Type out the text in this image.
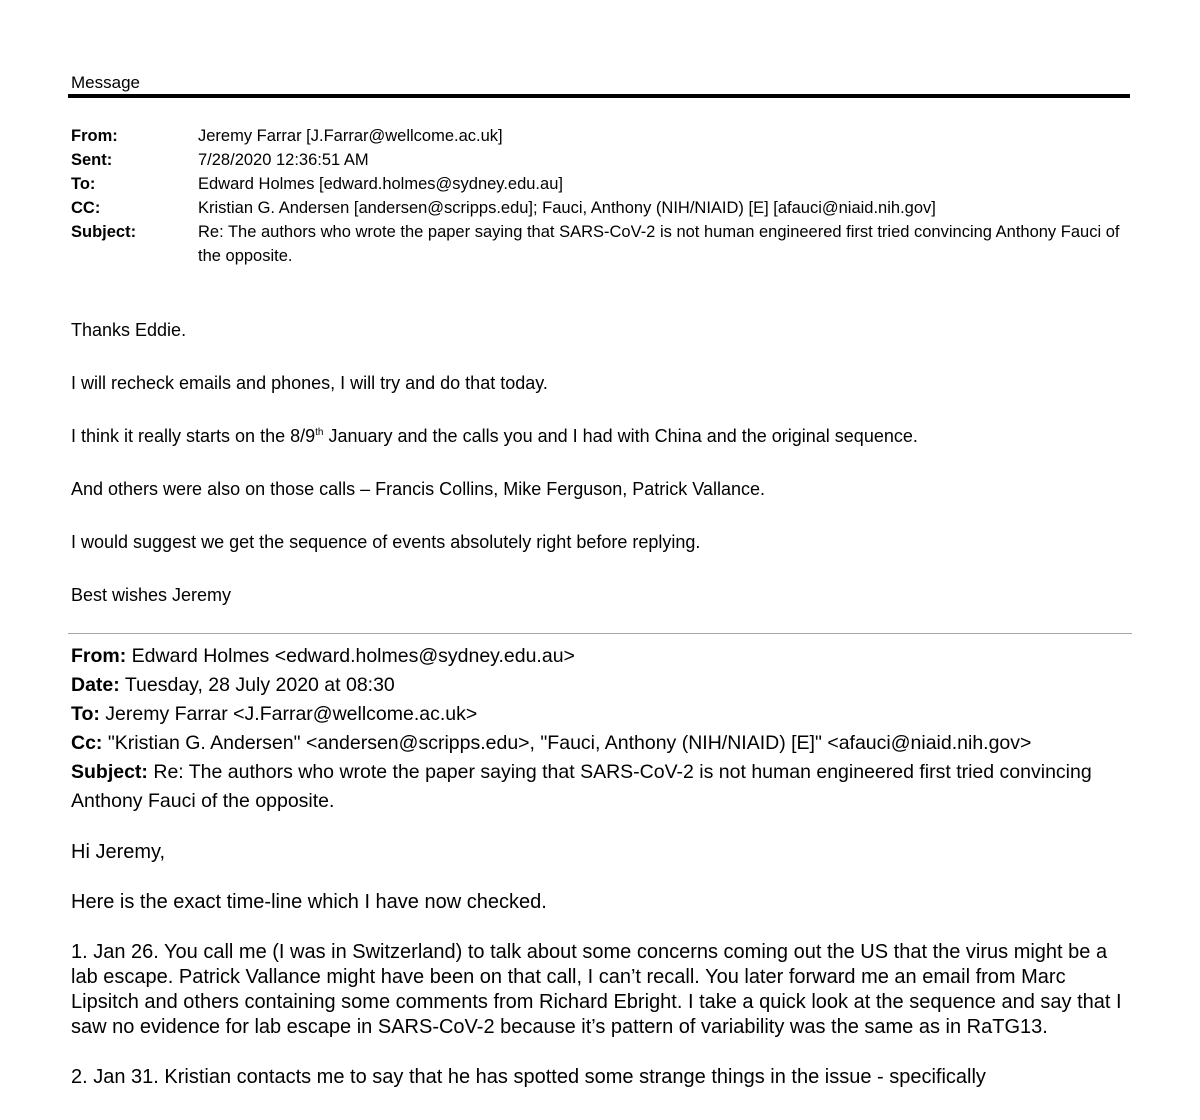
Message
From:	Jeremy Farrar [J.Farrar@wellcome.ac.uk]
Sent:	7/28/2020 12:36:51 AM
To:	Edward Holmes [edward.holmes@sydney.edu.au]
CC:	Kristian G. Andersen [andersen@scripps.edu]; Fauci, Anthony (NIH/NIAID) [E] [afauci@niaid.nih.gov]
Subject:	Re: The authors who wrote the paper saying that SARS-CoV-2 is not human engineered first tried convincing Anthony Fauci of the opposite.

Thanks Eddie.

I will recheck emails and phones, I will try and do that today.

I think it really starts on the 8/9th January and the calls you and I had with China and the original sequence.

And others were also on those calls – Francis Collins, Mike Ferguson, Patrick Vallance.

I would suggest we get the sequence of events absolutely right before replying.

Best wishes Jeremy

From: Edward Holmes <edward.holmes@sydney.edu.au>
Date: Tuesday, 28 July 2020 at 08:30
To: Jeremy Farrar <J.Farrar@wellcome.ac.uk>
Cc: "Kristian G. Andersen" <andersen@scripps.edu>, "Fauci, Anthony (NIH/NIAID) [E]" <afauci@niaid.nih.gov>
Subject: Re: The authors who wrote the paper saying that SARS-CoV-2 is not human engineered first tried convincing Anthony Fauci of the opposite.

Hi Jeremy,

Here is the exact time-line which I have now checked.

1. Jan 26. You call me (I was in Switzerland) to talk about some concerns coming out the US that the virus might be a lab escape. Patrick Vallance might have been on that call, I can’t recall. You later forward me an email from Marc Lipsitch and others containing some comments from Richard Ebright. I take a quick look at the sequence and say that I saw no evidence for lab escape in SARS-CoV-2 because it’s pattern of variability was the same as in RaTG13.

2. Jan 31. Kristian contacts me to say that he has spotted some strange things in the issue - specifically
